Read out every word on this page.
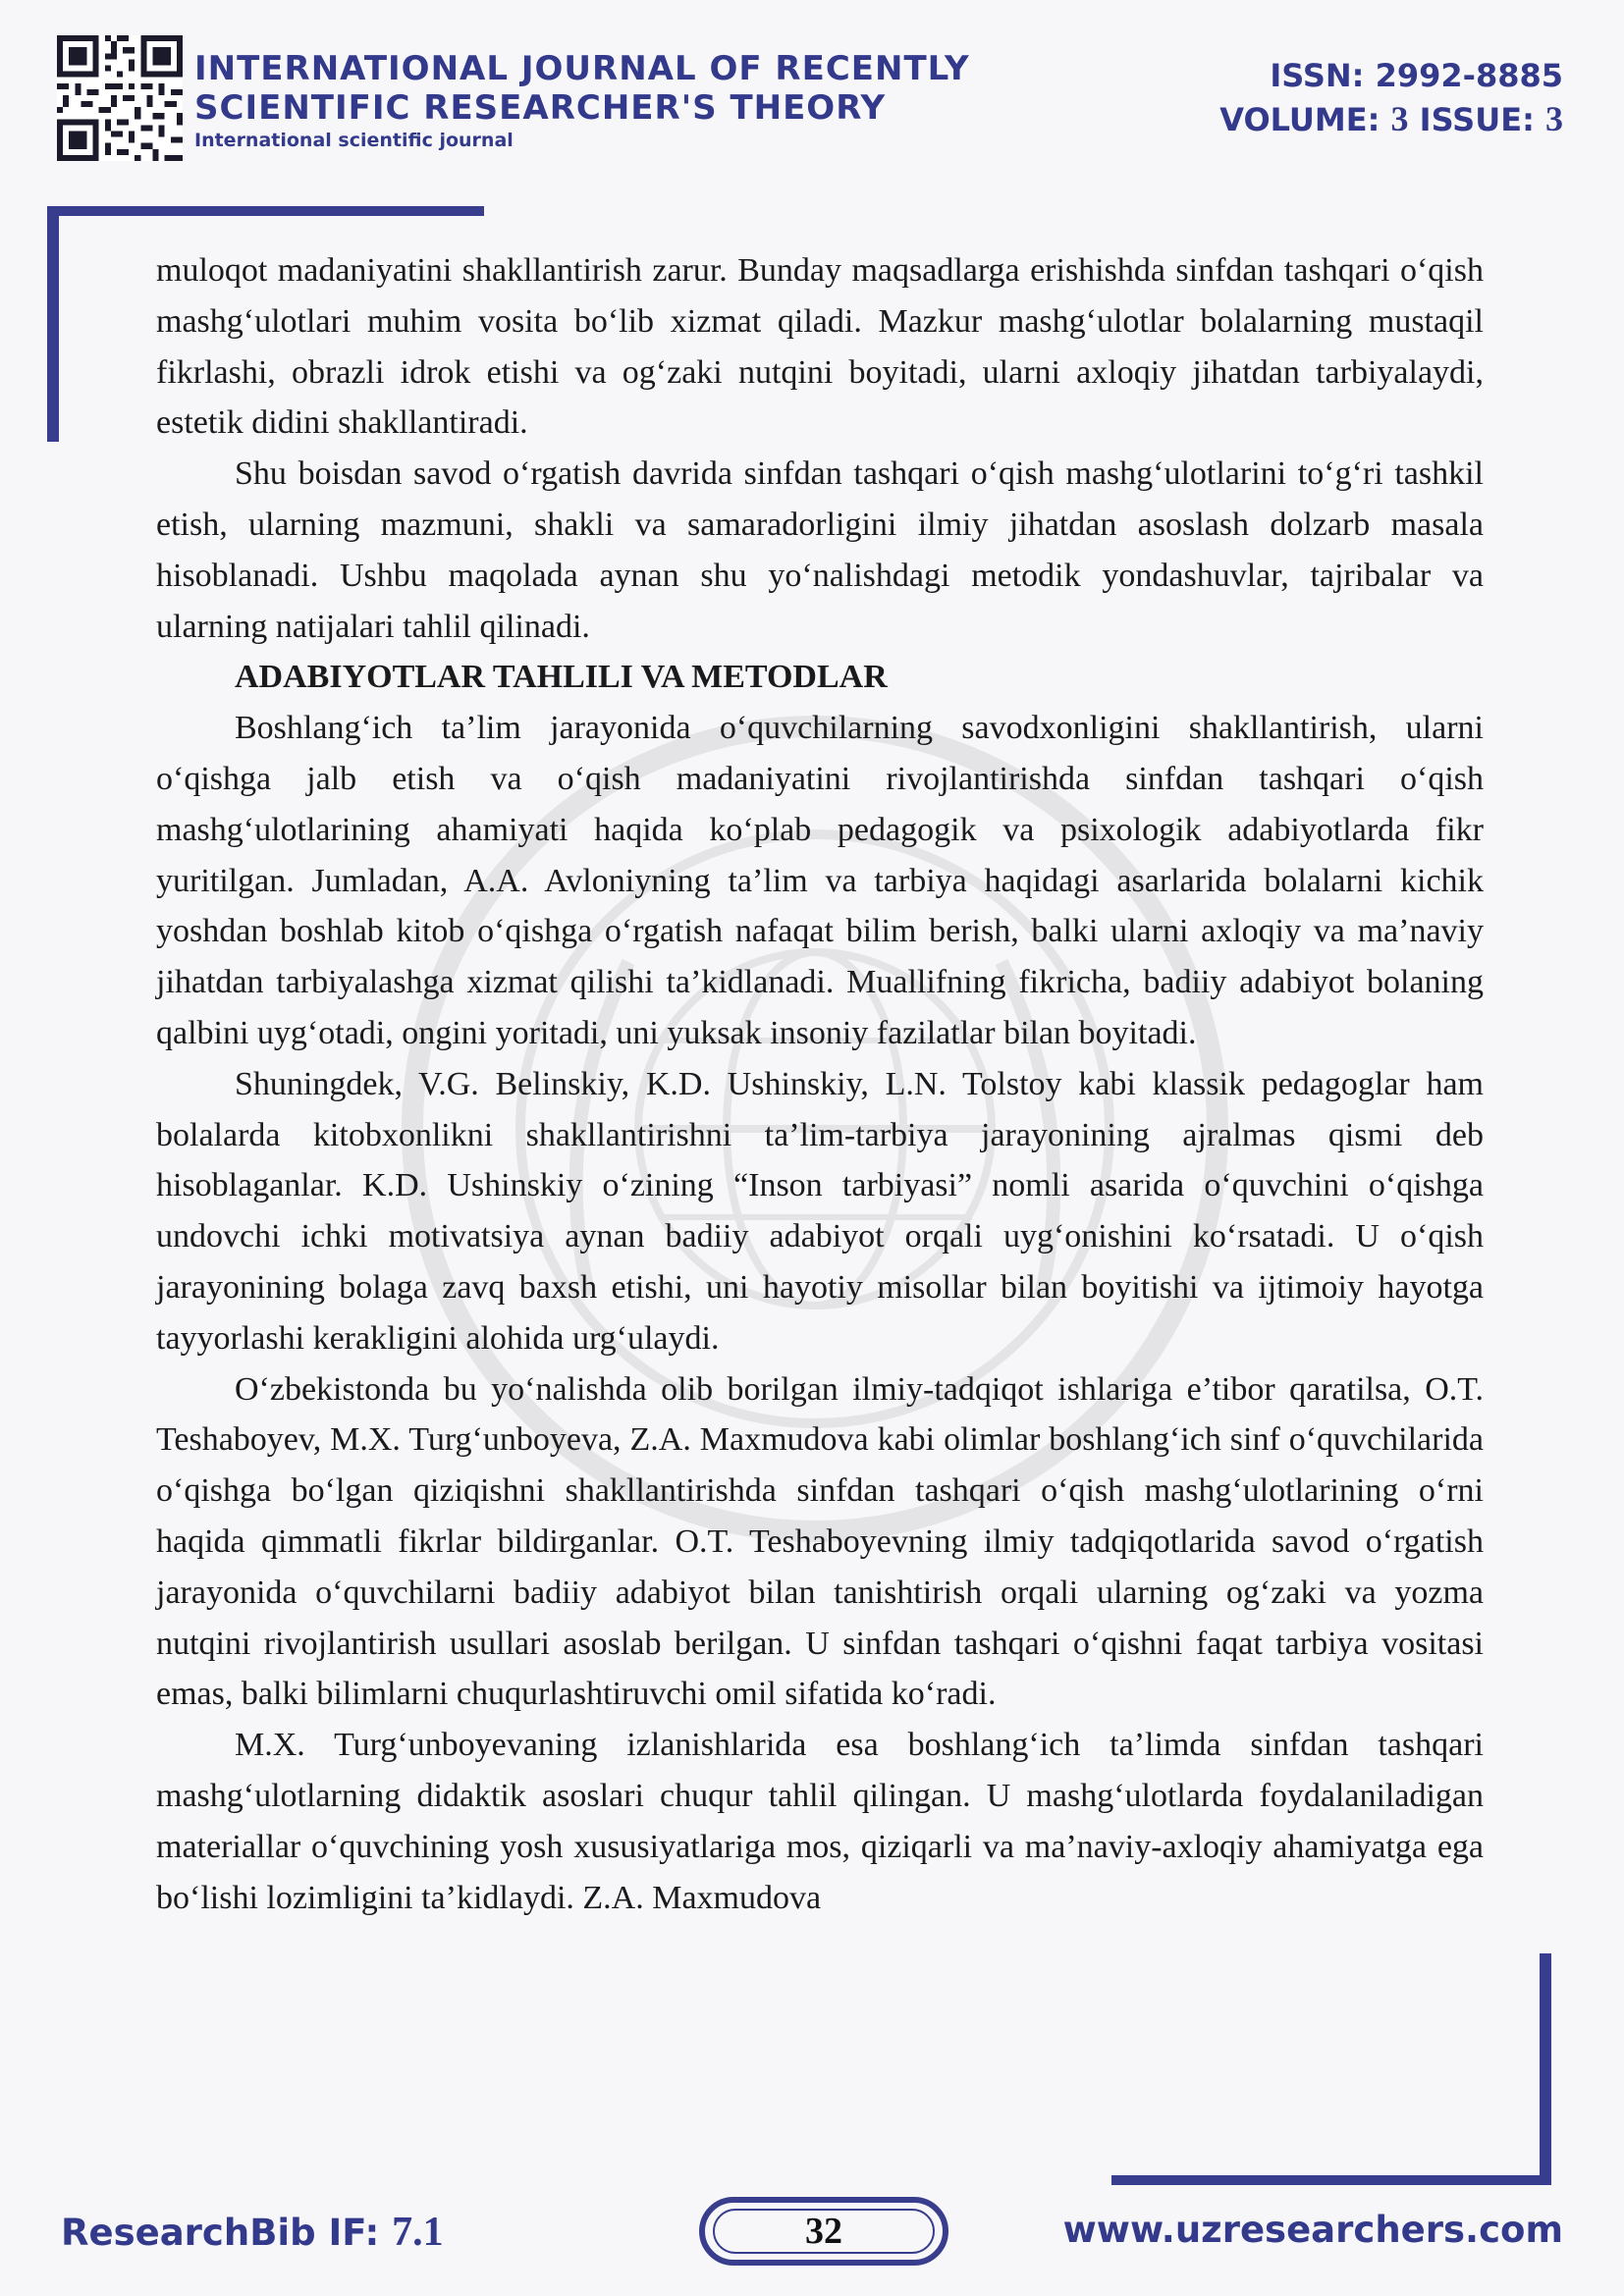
INTERNATIONAL JOURNAL OF RECENTLY
SCIENTIFIC RESEARCHER'S THEORY
International scientific journal
ISSN: 2992-8885
VOLUME: 3 ISSUE: 3

muloqot madaniyatini shakllantirish zarur. Bunday maqsadlarga erishishda sinfdan tashqari o‘qish mashg‘ulotlari muhim vosita bo‘lib xizmat qiladi. Mazkur mashg‘ulotlar bolalarning mustaqil fikrlashi, obrazli idrok etishi va og‘zaki nutqini boyitadi, ularni axloqiy jihatdan tarbiyalaydi, estetik didini shakllantiradi.

Shu boisdan savod o‘rgatish davrida sinfdan tashqari o‘qish mashg‘ulotlarini to‘g‘ri tashkil etish, ularning mazmuni, shakli va samaradorligini ilmiy jihatdan asoslash dolzarb masala hisoblanadi. Ushbu maqolada aynan shu yo‘nalishdagi metodik yondashuvlar, tajribalar va ularning natijalari tahlil qilinadi.

ADABIYOTLAR TAHLILI VA METODLAR

Boshlang‘ich ta’lim jarayonida o‘quvchilarning savodxonligini shakllantirish, ularni o‘qishga jalb etish va o‘qish madaniyatini rivojlantirishda sinfdan tashqari o‘qish mashg‘ulotlarining ahamiyati haqida ko‘plab pedagogik va psixologik adabiyotlarda fikr yuritilgan. Jumladan, A.A. Avloniyning ta’lim va tarbiya haqidagi asarlarida bolalarni kichik yoshdan boshlab kitob o‘qishga o‘rgatish nafaqat bilim berish, balki ularni axloqiy va ma’naviy jihatdan tarbiyalashga xizmat qilishi ta’kidlanadi. Muallifning fikricha, badiiy adabiyot bolaning qalbini uyg‘otadi, ongini yoritadi, uni yuksak insoniy fazilatlar bilan boyitadi.

Shuningdek, V.G. Belinskiy, K.D. Ushinskiy, L.N. Tolstoy kabi klassik pedagoglar ham bolalarda kitobxonlikni shakllantirishni ta’lim-tarbiya jarayonining ajralmas qismi deb hisoblaganlar. K.D. Ushinskiy o‘zining “Inson tarbiyasi” nomli asarida o‘quvchini o‘qishga undovchi ichki motivatsiya aynan badiiy adabiyot orqali uyg‘onishini ko‘rsatadi. U o‘qish jarayonining bolaga zavq baxsh etishi, uni hayotiy misollar bilan boyitishi va ijtimoiy hayotga tayyorlashi kerakligini alohida urg‘ulaydi.

O‘zbekistonda bu yo‘nalishda olib borilgan ilmiy-tadqiqot ishlariga e’tibor qaratilsa, O.T. Teshaboyev, M.X. Turg‘unboyeva, Z.A. Maxmudova kabi olimlar boshlang‘ich sinf o‘quvchilarida o‘qishga bo‘lgan qiziqishni shakllantirishda sinfdan tashqari o‘qish mashg‘ulotlarining o‘rni haqida qimmatli fikrlar bildirganlar. O.T. Teshaboyevning ilmiy tadqiqotlarida savod o‘rgatish jarayonida o‘quvchilarni badiiy adabiyot bilan tanishtirish orqali ularning og‘zaki va yozma nutqini rivojlantirish usullari asoslab berilgan. U sinfdan tashqari o‘qishni faqat tarbiya vositasi emas, balki bilimlarni chuqurlashtiruvchi omil sifatida ko‘radi.

M.X. Turg‘unboyevaning izlanishlarida esa boshlang‘ich ta’limda sinfdan tashqari mashg‘ulotlarning didaktik asoslari chuqur tahlil qilingan. U mashg‘ulotlarda foydalaniladigan materiallar o‘quvchining yosh xususiyatlariga mos, qiziqarli va ma’naviy-axloqiy ahamiyatga ega bo‘lishi lozimligini ta’kidlaydi. Z.A. Maxmudova

ResearchBib IF: 7.1	32	www.uzresearchers.com
